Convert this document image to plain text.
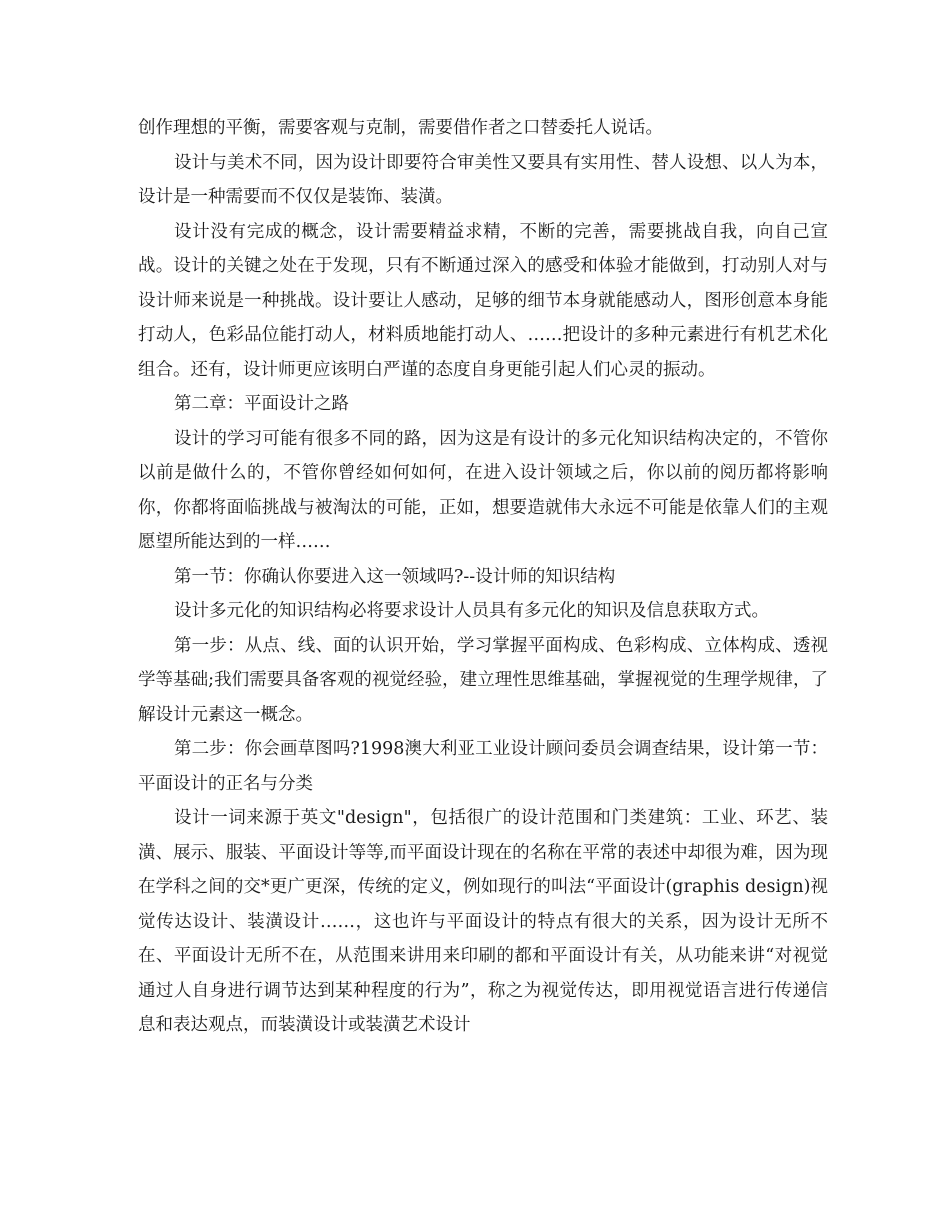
创作理想的平衡，需要客观与克制，需要借作者之口替委托人说话。

设计与美术不同，因为设计即要符合审美性又要具有实用性、替人设想、以人为本，设计是一种需要而不仅仅是装饰、装潢。

设计没有完成的概念，设计需要精益求精，不断的完善，需要挑战自我，向自己宣战。设计的关键之处在于发现，只有不断通过深入的感受和体验才能做到，打动别人对与设计师来说是一种挑战。设计要让人感动，足够的细节本身就能感动人，图形创意本身能打动人，色彩品位能打动人，材料质地能打动人、……把设计的多种元素进行有机艺术化组合。还有，设计师更应该明白严谨的态度自身更能引起人们心灵的振动。

第二章：平面设计之路

设计的学习可能有很多不同的路，因为这是有设计的多元化知识结构决定的，不管你以前是做什么的，不管你曾经如何如何，在进入设计领域之后，你以前的阅历都将影响你，你都将面临挑战与被淘汰的可能，正如，想要造就伟大永远不可能是依靠人们的主观愿望所能达到的一样……

第一节：你确认你要进入这一领域吗?--设计师的知识结构

设计多元化的知识结构必将要求设计人员具有多元化的知识及信息获取方式。

第一步：从点、线、面的认识开始，学习掌握平面构成、色彩构成、立体构成、透视学等基础;我们需要具备客观的视觉经验，建立理性思维基础，掌握视觉的生理学规律，了解设计元素这一概念。

第二步：你会画草图吗?1998澳大利亚工业设计顾问委员会调查结果，设计第一节：平面设计的正名与分类

设计一词来源于英文"design"，包括很广的设计范围和门类建筑：工业、环艺、装潢、展示、服装、平面设计等等,而平面设计现在的名称在平常的表述中却很为难，因为现在学科之间的交*更广更深，传统的定义，例如现行的叫法“平面设计(graphis design)视觉传达设计、装潢设计……，这也许与平面设计的特点有很大的关系，因为设计无所不在、平面设计无所不在，从范围来讲用来印刷的都和平面设计有关，从功能来讲“对视觉通过人自身进行调节达到某种程度的行为”，称之为视觉传达，即用视觉语言进行传递信息和表达观点，而装潢设计或装潢艺术设计
